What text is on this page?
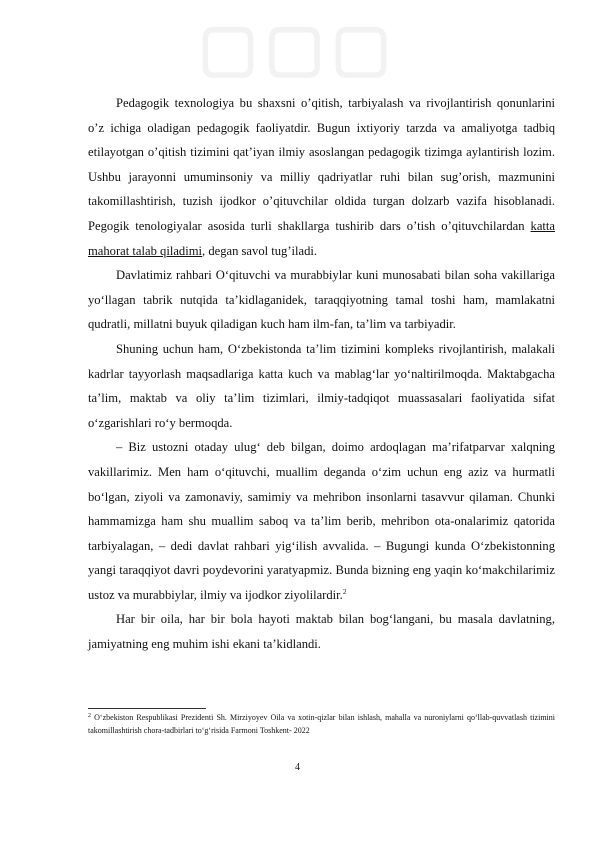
▢▢▢

Pedagogik texnologiya bu shaxsni o’qitish, tarbiyalash va rivojlantirish qonunlarini o’z ichiga oladigan pedagogik faoliyatdir. Bugun ixtiyoriy tarzda va amaliyotga tadbiq etilayotgan o’qitish tizimini qat’iyan ilmiy asoslangan pedagogik tizimga aylantirish lozim. Ushbu jarayonni umuminsoniy va milliy qadriyatlar ruhi bilan sug’orish, mazmunini takomillashtirish, tuzish ijodkor o’qituvchilar oldida turgan dolzarb vazifa hisoblanadi. Pegogik tenologiyalar asosida turli shakllarga tushirib dars o’tish o’qituvchilardan katta mahorat talab qiladimi, degan savol tug’iladi.

Davlatimiz rahbari O‘qituvchi va murabbiylar kuni munosabati bilan soha vakillariga yo‘llagan tabrik nutqida ta’kidlaganidek, taraqqiyotning tamal toshi ham, mamlakatni qudratli, millatni buyuk qiladigan kuch ham ilm-fan, ta’lim va tarbiyadir.

Shuning uchun ham, O‘zbekistonda ta’lim tizimini kompleks rivojlantirish, malakali kadrlar tayyorlash maqsadlariga katta kuch va mablag‘lar yo‘naltirilmoqda. Maktabgacha ta’lim, maktab va oliy ta’lim tizimlari, ilmiy-tadqiqot muassasalari faoliyatida sifat o‘zgarishlari ro‘y bermoqda.

– Biz ustozni otaday ulug‘ deb bilgan, doimo ardoqlagan ma’rifatparvar xalqning vakillarimiz. Men ham o‘qituvchi, muallim deganda o‘zim uchun eng aziz va hurmatli bo‘lgan, ziyoli va zamonaviy, samimiy va mehribon insonlarni tasavvur qilaman. Chunki hammamizga ham shu muallim saboq va ta’lim berib, mehribon ota-onalarimiz qatorida tarbiyalagan, – dedi davlat rahbari yig‘ilish avvalida. – Bugungi kunda O‘zbekistonning yangi taraqqiyot davri poydevorini yaratyapmiz. Bunda bizning eng yaqin ko‘makchilarimiz ustoz va murabbiylar, ilmiy va ijodkor ziyolilardir.$^2$

Har bir oila, har bir bola hayoti maktab bilan bog‘langani, bu masala davlatning, jamiyatning eng muhim ishi ekani ta’kidlandi.

$^2$ O‘zbekiston Respublikasi Prezidenti Sh. Mirziyoyev Oila va xotin-qizlar bilan ishlash, mahalla va nuroniylarni qo‘llab-quvvatlash tizimini takomillashtirish chora-tadbirlari to‘g‘risida Farmoni Toshkent- 2022
4
